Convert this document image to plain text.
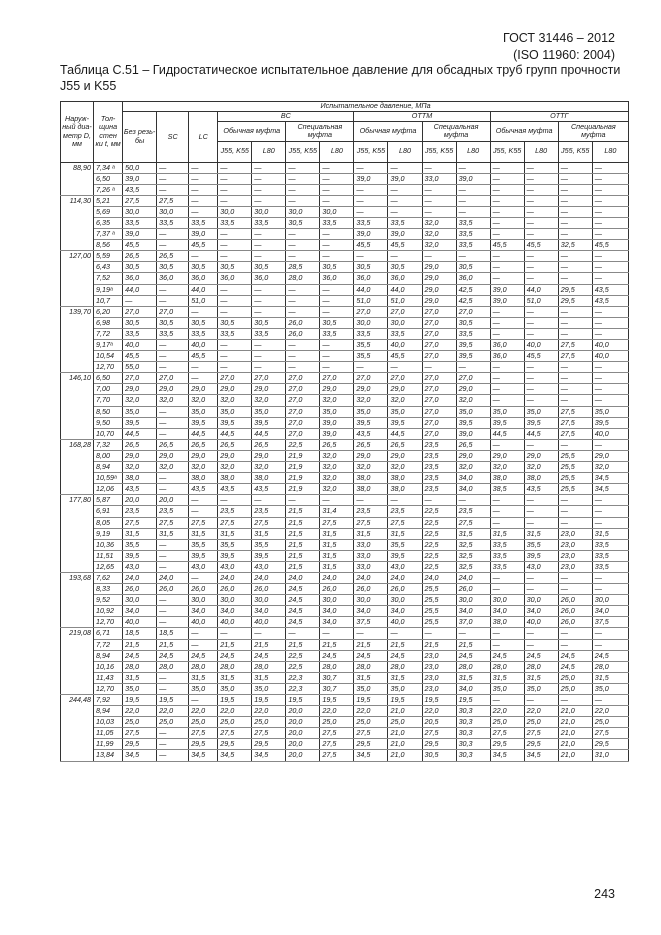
ГОСТ 31446 – 2012
(ISO 11960: 2004)
Таблица С.51 – Гидростатическое испытательное давление для обсадных труб групп прочности J55 и K55
Наруж-ный диа-метр D, мм	Тол-щина стен ки t, мм	Испытательное давление, МПа														
		Без резь-бы	SC	LC	BC				ОТТМ				ОТТГ			
					Обычная муфта		Специальная муфта		Обычная муфта		Специальная муфта		Обычная муфта		Специальная муфта	
					J55, K55	L80	J55, K55	L80	J55, K55	L80	J55, K55	L80	J55, K55	L80	J55, K55	L80
88,90	7,34 ᵃ	50,0	—	—	—	—	—	—	—	—	—	—	—	—	—	—
	6,50	39,0	—	—	—	—	—	—	39,0	39,0	33,0	39,0	—	—	—	—
	7,26 ᵃ	43,5	—	—	—	—	—	—	—	—	—	—	—	—	—	—
114,30	5,21	27,5	27,5	—	—	—	—	—	—	—	—	—	—	—	—	—
	5,69	30,0	30,0	—	30,0	30,0	30,0	30,0	—	—	—	—	—	—	—	—
	6,35	33,5	33,5	33,5	33,5	33,5	30,5	33,5	33,5	33,5	32,0	33,5	—	—	—	—
	7,37 ᵃ	39,0	—	39,0	—	—	—	—	39,0	39,0	32,0	33,5	—	—	—	—
	8,56	45,5	—	45,5	—	—	—	—	45,5	45,5	32,0	33,5	45,5	45,5	32,5	45,5
127,00	5,59	26,5	26,5	—	—	—	—	—	—	—	—	—	—	—	—	—
	6,43	30,5	30,5	30,5	30,5	30,5	28,5	30,5	30,5	30,5	29,0	30,5	—	—	—	—
	7,52	36,0	36,0	36,0	36,0	36,0	28,0	36,0	36,0	36,0	29,0	36,0	—	—	—	—
	9,19ᵃ	44,0	—	44,0	—	—	—	—	44,0	44,0	29,0	42,5	39,0	44,0	29,5	43,5
	10,7	—	—	51,0	—	—	—	—	51,0	51,0	29,0	42,5	39,0	51,0	29,5	43,5
139,70	6,20	27,0	27,0	—	—	—	—	—	27,0	27,0	27,0	27,0	—	—	—	—
	6,98	30,5	30,5	30,5	30,5	30,5	26,0	30,5	30,0	30,0	27,0	30,5	—	—	—	—
	7,72	33,5	33,5	33,5	33,5	33,5	26,0	33,5	33,5	33,5	27,0	33,5	—	—	—	—
	9,17ᵃ	40,0	—	40,0	—	—	—	—	35,5	40,0	27,0	39,5	36,0	40,0	27,5	40,0
	10,54	45,5	—	45,5	—	—	—	—	35,5	45,5	27,0	39,5	36,0	45,5	27,5	40,0
	12,70	55,0	—	—	—	—	—	—	—	—	—	—	—	—	—	—
146,10	6,50	27,0	27,0	—	27,0	27,0	27,0	27,0	27,0	27,0	27,0	27,0	—	—	—	—
	7,00	29,0	29,0	29,0	29,0	29,0	27,0	29,0	29,0	29,0	27,0	29,0	—	—	—	—
	7,70	32,0	32,0	32,0	32,0	32,0	27,0	32,0	32,0	32,0	27,0	32,0	—	—	—	—
	8,50	35,0	—	35,0	35,0	35,0	27,0	35,0	35,0	35,0	27,0	35,0	35,0	35,0	27,5	35,0
	9,50	39,5	—	39,5	39,5	39,5	27,0	39,0	39,5	39,5	27,0	39,5	39,5	39,5	27,5	39,5
	10,70	44,5	—	44,5	44,5	44,5	27,0	39,0	43,5	44,5	27,0	39,0	44,5	44,5	27,5	40,0
168,28	7,32	26,5	26,5	26,5	26,5	26,5	22,5	26,5	26,5	26,5	23,5	26,5	—	—	—	—
	8,00	29,0	29,0	29,0	29,0	29,0	21,9	32,0	29,0	29,0	23,5	29,0	29,0	29,0	25,5	29,0
	8,94	32,0	32,0	32,0	32,0	32,0	21,9	32,0	32,0	32,0	23,5	32,0	32,0	32,0	25,5	32,0
	10,59ᵃ	38,0	—	38,0	38,0	38,0	21,9	32,0	38,0	38,0	23,5	34,0	38,0	38,0	25,5	34,5
	12,06	43,5	—	43,5	43,5	43,5	21,9	32,0	38,0	38,0	23,5	34,0	38,5	43,5	25,5	34,5
177,80	5,87	20,0	20,0	—	—	—	—	—	—	—	—	—	—	—	—	—
	6,91	23,5	23,5	—	23,5	23,5	21,5	31,4	23,5	23,5	22,5	23,5	—	—	—	—
	8,05	27,5	27,5	27,5	27,5	27,5	21,5	27,5	27,5	27,5	22,5	27,5	—	—	—	—
	9,19	31,5	31,5	31,5	31,5	31,5	21,5	31,5	31,5	31,5	22,5	31,5	31,5	31,5	23,0	31,5
	10,36	35,5	—	35,5	35,5	35,5	21,5	31,5	33,0	35,5	22,5	32,5	33,5	35,5	23,0	33,5
	11,51	39,5	—	39,5	39,5	39,5	21,5	31,5	33,0	39,5	22,5	32,5	33,5	39,5	23,0	33,5
	12,65	43,0	—	43,0	43,0	43,0	21,5	31,5	33,0	43,0	22,5	32,5	33,5	43,0	23,0	33,5
193,68	7,62	24,0	24,0	—	24,0	24,0	24,0	24,0	24,0	24,0	24,0	24,0	—	—	—	—
	8,33	26,0	26,0	26,0	26,0	26,0	24,5	26,0	26,0	26,0	25,5	26,0	—	—	—	—
	9,52	30,0	—	30,0	30,0	30,0	24,5	30,0	30,0	30,0	25,5	30,0	30,0	30,0	26,0	30,0
	10,92	34,0	—	34,0	34,0	34,0	24,5	34,0	34,0	34,0	25,5	34,0	34,0	34,0	26,0	34,0
	12,70	40,0	—	40,0	40,0	40,0	24,5	34,0	37,5	40,0	25,5	37,0	38,0	40,0	26,0	37,5
219,08	6,71	18,5	18,5	—	—	—	—	—	—	—	—	—	—	—	—	—
	7,72	21,5	21,5	—	21,5	21,5	21,5	21,5	21,5	21,5	21,5	21,5	—	—	—	—
	8,94	24,5	24,5	24,5	24,5	24,5	22,5	24,5	24,5	24,5	23,0	24,5	24,5	24,5	24,5	24,5
	10,16	28,0	28,0	28,0	28,0	28,0	22,5	28,0	28,0	28,0	23,0	28,0	28,0	28,0	24,5	28,0
	11,43	31,5	—	31,5	31,5	31,5	22,3	30,7	31,5	31,5	23,0	31,5	31,5	31,5	25,0	31,5
	12,70	35,0	—	35,0	35,0	35,0	22,3	30,7	35,0	35,0	23,0	34,0	35,0	35,0	25,0	35,0
244,48	7,92	19,5	19,5	—	19,5	19,5	19,5	19,5	19,5	19,5	19,5	19,5	—	—	—	—
	8,94	22,0	22,0	22,0	22,0	22,0	20,0	22,0	22,0	21,0	22,0	30,3	22,0	22,0	21,0	22,0
	10,03	25,0	25,0	25,0	25,0	25,0	20,0	25,0	25,0	25,0	20,5	30,3	25,0	25,0	21,0	25,0
	11,05	27,5	—	27,5	27,5	27,5	20,0	27,5	27,5	21,0	27,5	30,3	27,5	27,5	21,0	27,5
	11,99	29,5	—	29,5	29,5	29,5	20,0	27,5	29,5	21,0	29,5	30,3	29,5	29,5	21,0	29,5
	13,84	34,5	—	34,5	34,5	34,5	20,0	27,5	34,5	21,0	30,5	30,3	34,5	34,5	21,0	31,0
243
